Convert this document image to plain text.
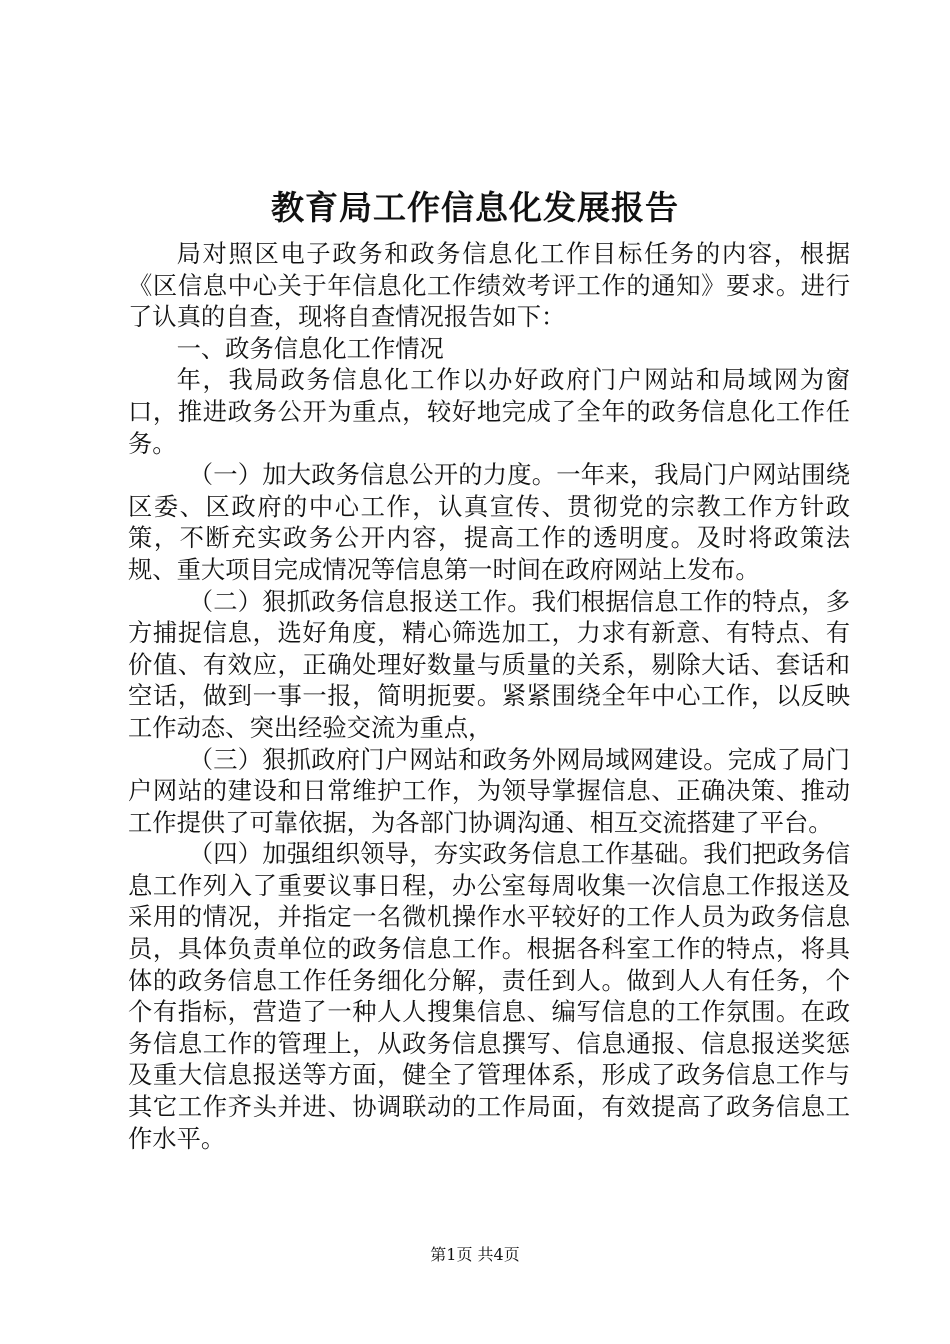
教育局工作信息化发展报告

局对照区电子政务和政务信息化工作目标任务的内容，根据《区信息中心关于年信息化工作绩效考评工作的通知》要求。进行了认真的自查，现将自查情况报告如下：

一、政务信息化工作情况

年，我局政务信息化工作以办好政府门户网站和局域网为窗口，推进政务公开为重点，较好地完成了全年的政务信息化工作任务。

（一）加大政务信息公开的力度。一年来，我局门户网站围绕区委、区政府的中心工作，认真宣传、贯彻党的宗教工作方针政策，不断充实政务公开内容，提高工作的透明度。及时将政策法规、重大项目完成情况等信息第一时间在政府网站上发布。

（二）狠抓政务信息报送工作。我们根据信息工作的特点，多方捕捉信息，选好角度，精心筛选加工，力求有新意、有特点、有价值、有效应，正确处理好数量与质量的关系，剔除大话、套话和空话，做到一事一报，简明扼要。紧紧围绕全年中心工作，以反映工作动态、突出经验交流为重点，

（三）狠抓政府门户网站和政务外网局域网建设。完成了局门户网站的建设和日常维护工作，为领导掌握信息、正确决策、推动工作提供了可靠依据，为各部门协调沟通、相互交流搭建了平台。

（四）加强组织领导，夯实政务信息工作基础。我们把政务信息工作列入了重要议事日程，办公室每周收集一次信息工作报送及采用的情况，并指定一名微机操作水平较好的工作人员为政务信息员，具体负责单位的政务信息工作。根据各科室工作的特点，将具体的政务信息工作任务细化分解，责任到人。做到人人有任务，个个有指标，营造了一种人人搜集信息、编写信息的工作氛围。在政务信息工作的管理上，从政务信息撰写、信息通报、信息报送奖惩及重大信息报送等方面，健全了管理体系，形成了政务信息工作与其它工作齐头并进、协调联动的工作局面，有效提高了政务信息工作水平。

第1页 共4页
